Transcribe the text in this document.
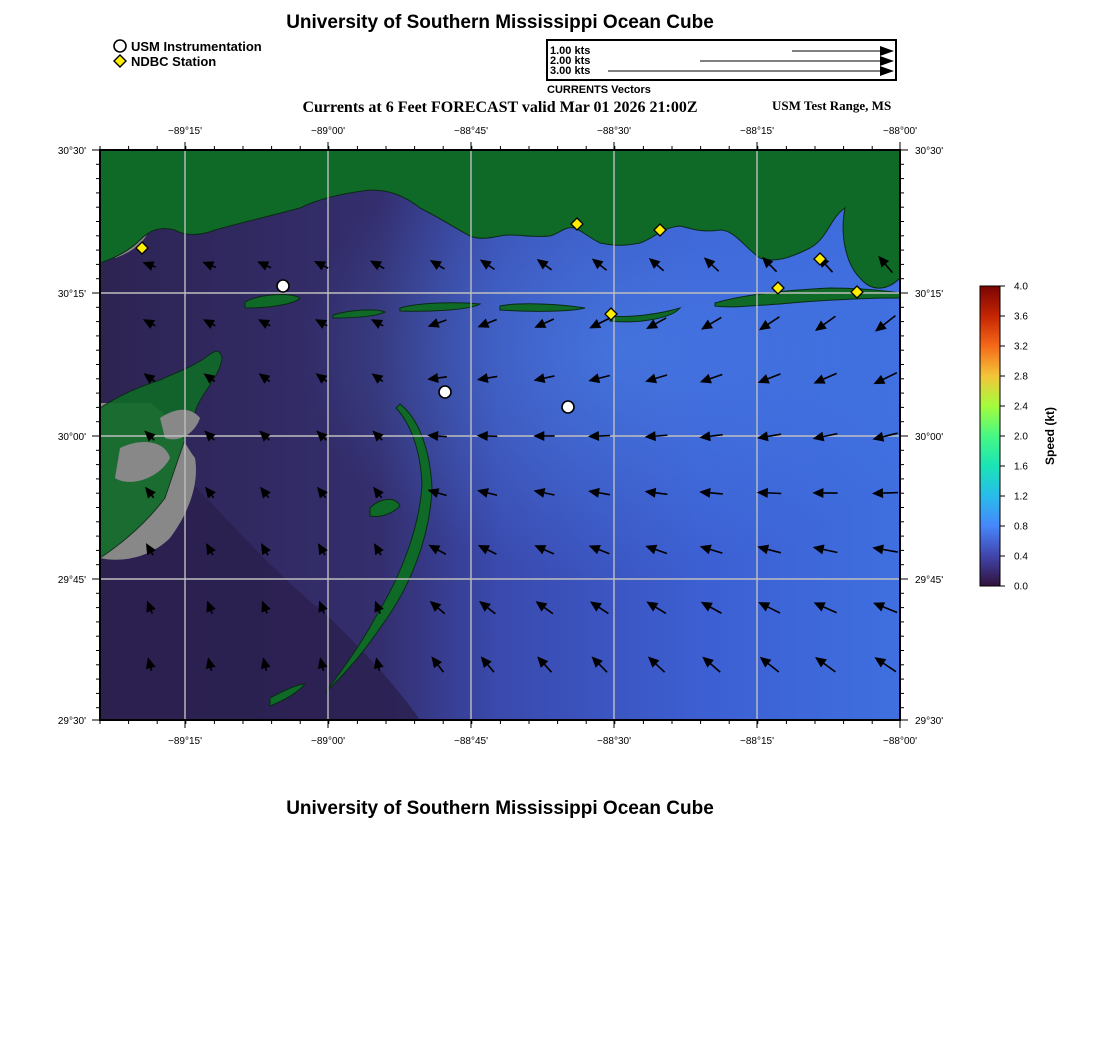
University of Southern Mississippi Ocean Cube
USM Instrumentation
NDBC Station
1.00 kts
2.00 kts
3.00 kts
CURRENTS Vectors
Currents at 6 Feet FORECAST valid Mar 01 2026 21:00Z	USM Test Range, MS
−89°15'	−89°00'	−88°45'	−88°30'	−88°15'	−88°00'
−89°15'	−89°00'	−88°45'	−88°30'	−88°15'	−88°00'
30°30'
30°15'
30°00'
29°45'
29°30'
30°30'
30°15'
30°00'
29°45'
29°30'
4.0
3.6
3.2
2.8
2.4
2.0
1.6
1.2
0.8
0.4
0.0
Speed (kt)
University of Southern Mississippi Ocean Cube
